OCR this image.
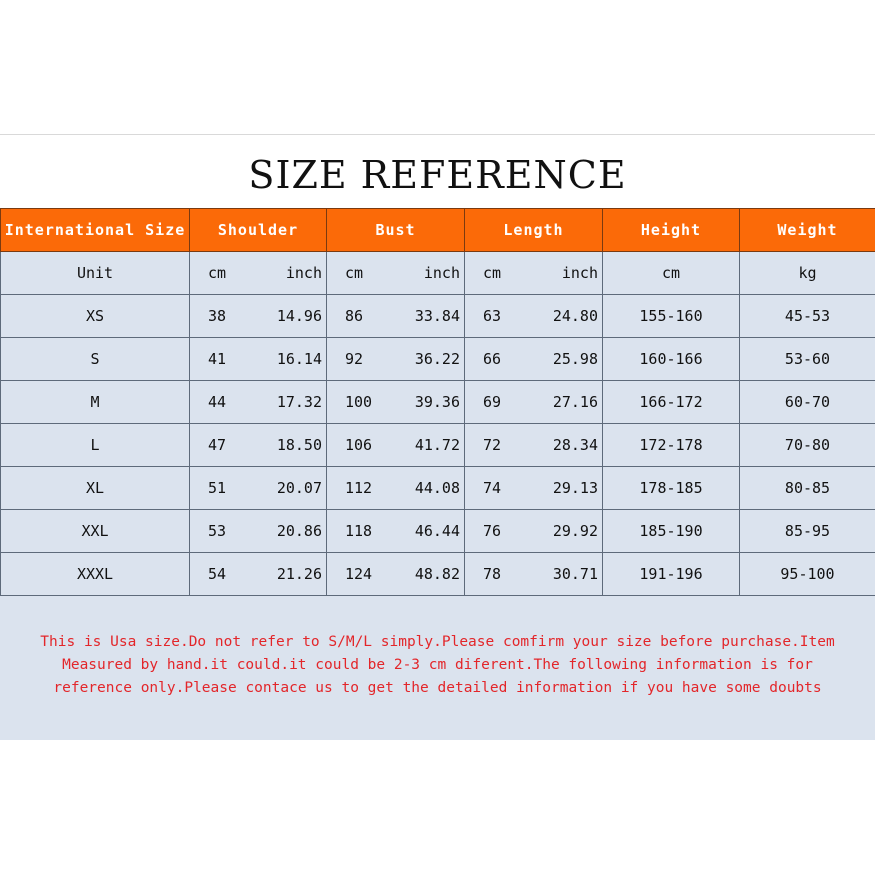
SIZE REFERENCE
International Size	Shoulder		Bust		Length		Height	Weight
Unit	cm	inch	cm	inch	cm	inch	cm	kg
XS	38	14.96	86	33.84	63	24.80	155-160	45-53
S	41	16.14	92	36.22	66	25.98	160-166	53-60
M	44	17.32	100	39.36	69	27.16	166-172	60-70
L	47	18.50	106	41.72	72	28.34	172-178	70-80
XL	51	20.07	112	44.08	74	29.13	178-185	80-85
XXL	53	20.86	118	46.44	76	29.92	185-190	85-95
XXXL	54	21.26	124	48.82	78	30.71	191-196	95-100
This is Usa size.Do not refer to S/M/L simply.Please comfirm your size before purchase.Item
Measured by hand.it could.it could be 2-3 cm diferent.The following information is for
reference only.Please contace us to get the detailed information if you have some doubts
